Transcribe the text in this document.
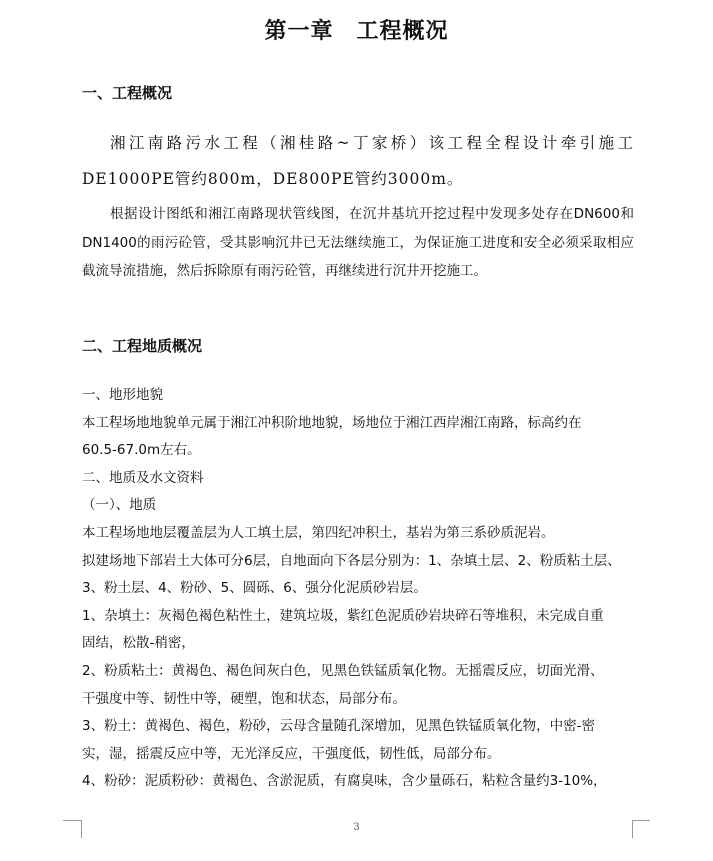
第一章　工程概况
一、工程概况

湘江南路污水工程（湘桂路~丁家桥）该工程全程设计牵引施工DE1000PE管约800m，DE800PE管约3000m。

根据设计图纸和湘江南路现状管线图，在沉井基坑开挖过程中发现多处存在DN600和DN1400的雨污砼管，受其影响沉井已无法继续施工，为保证施工进度和安全必须采取相应截流导流措施，然后拆除原有雨污砼管，再继续进行沉井开挖施工。

二、工程地质概况
一、地形地貌
本工程场地地貌单元属于湘江冲积阶地地貌，场地位于湘江西岸湘江南路，标高约在
60.5-67.0m左右。
二、地质及水文资料
（一）、地质
本工程场地地层覆盖层为人工填土层，第四纪冲积土，基岩为第三系砂质泥岩。
拟建场地下部岩土大体可分6层，自地面向下各层分别为：1、杂填土层、2、粉质粘土层、
3、粉土层、4、粉砂、5、圆砾、6、强分化泥质砂岩层。
1、杂填土：灰褐色褐色粘性土，建筑垃圾，紫红色泥质砂岩块碎石等堆积，未完成自重
固结，松散-稍密，
2、粉质粘土：黄褐色、褐色间灰白色，见黑色铁锰质氧化物。无摇震反应，切面光滑、
干强度中等、韧性中等，硬塑，饱和状态，局部分布。
3、粉土：黄褐色、褐色，粉砂，云母含量随孔深增加，见黑色铁锰质氧化物，中密-密
实，湿，摇震反应中等，无光泽反应，干强度低，韧性低，局部分布。
4、粉砂：泥质粉砂：黄褐色、含淤泥质，有腐臭味，含少量砾石，粘粒含量约3-10%，
3
